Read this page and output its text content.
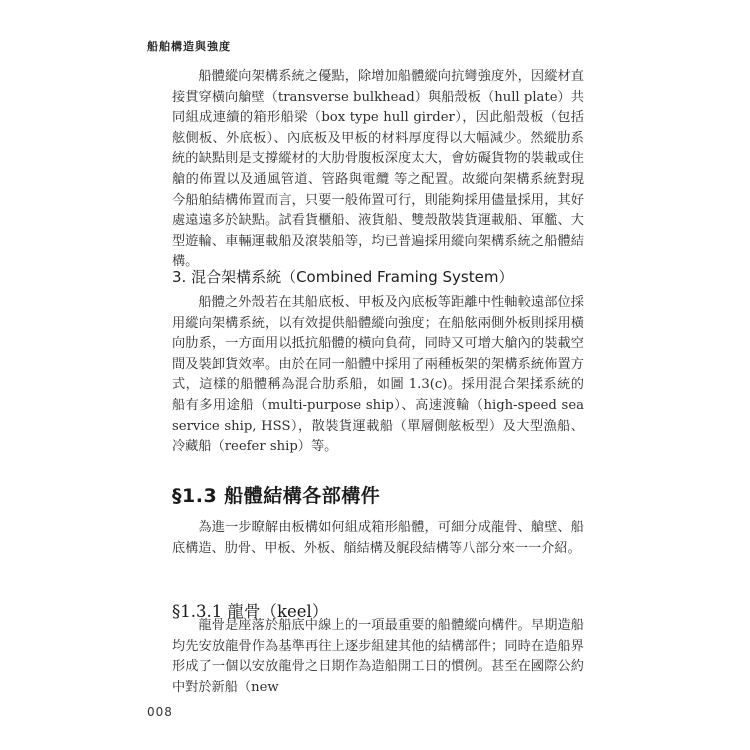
船舶構造與強度

船體縱向架構系統之優點，除增加船體縱向抗彎強度外，因縱材直接貫穿橫向艙壁（transverse bulkhead）與船殼板（hull plate）共同組成連續的箱形船梁（box type hull girder），因此船殼板（包括舷側板、外底板）、內底板及甲板的材料厚度得以大幅減少。然縱肋系統的缺點則是支撐縱材的大肋骨腹板深度太大，會妨礙貨物的裝載或住艙的佈置以及通風管道、管路與電纜 等之配置。故縱向架構系統對現今船舶結構佈置而言，只要一般佈置可行，則能夠採用儘量採用，其好處遠遠多於缺點。試看貨櫃船、液貨船、雙殼散裝貨運載船、軍艦、大型遊輪、車輛運載船及滾裝船等，均已普遍採用縱向架構系統之船體結構。

3. 混合架構系統（Combined Framing System）

船體之外殼若在其船底板、甲板及內底板等距離中性軸較遠部位採用縱向架構系統，以有效提供船體縱向強度；在船舷兩側外板則採用橫向肋系，一方面用以抵抗船體的橫向負荷，同時又可增大艙內的裝載空間及裝卸貨效率。由於在同一船體中採用了兩種板架的架構系統佈置方式，這樣的船體稱為混合肋系船，如圖 1.3(c)。採用混合架揉系統的船有多用途船（multi-purpose ship）、高速渡輪（high-speed sea service ship, HSS），散裝貨運載船（單層側舷板型）及大型漁船、冷藏船（reefer ship）等。

§1.3 船體結構各部構件

為進一步瞭解由板構如何組成箱形船體，可細分成龍骨、艙壁、船底構造、肋骨、甲板、外板、艏結構及艉段結構等八部分來一一介紹。

§1.3.1 龍骨（keel）

龍骨是座落於船底中線上的一項最重要的船體縱向構件。早期造船均先安放龍骨作為基準再往上逐步組建其他的結構部件；同時在造船界形成了一個以安放龍骨之日期作為造船開工日的慣例。甚至在國際公約中對於新船（new

008
